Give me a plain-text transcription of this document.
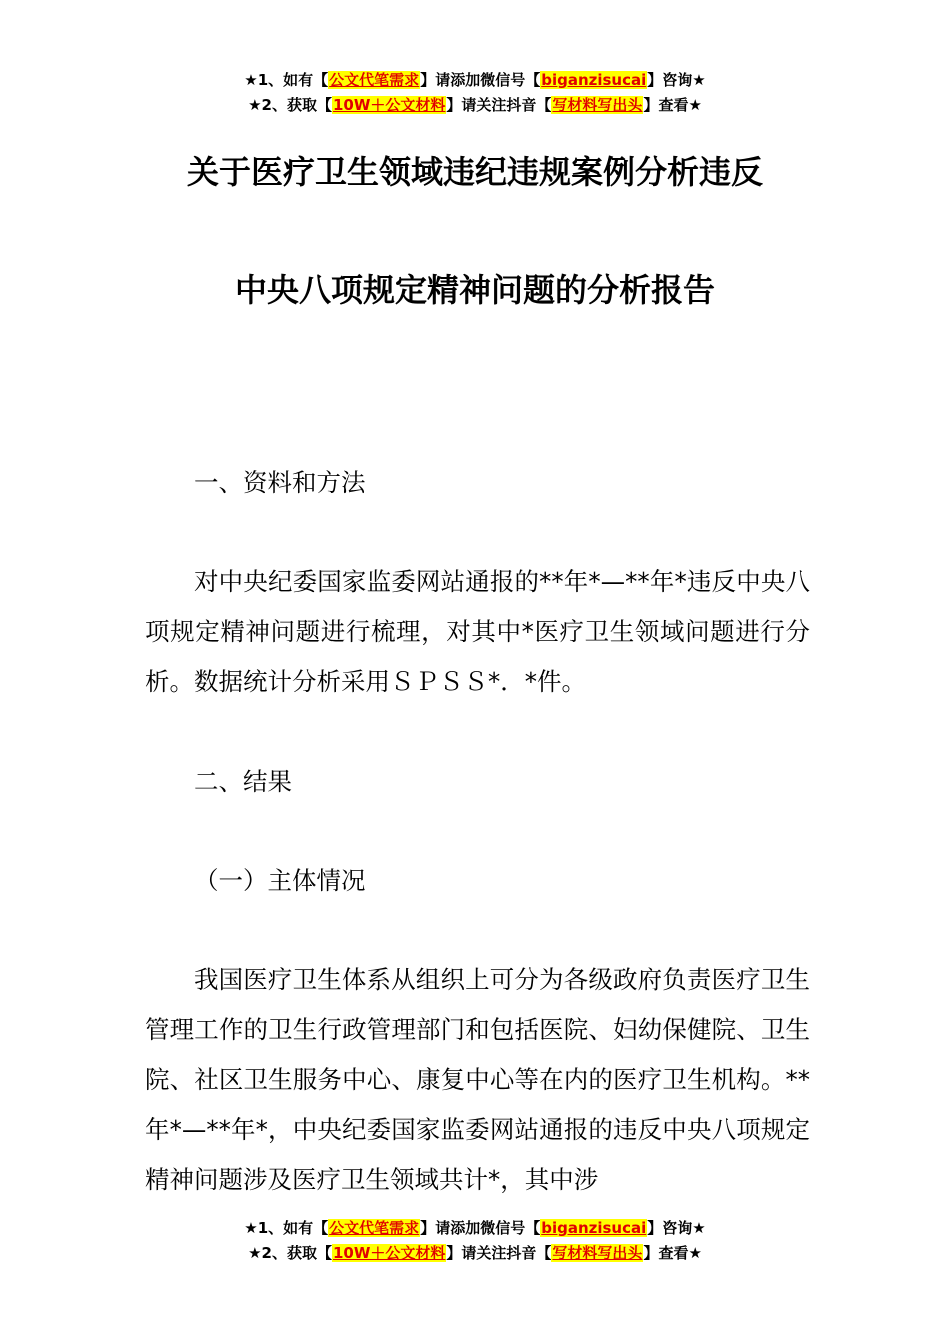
★1、如有【公文代笔需求】请添加微信号【biganzisucai】咨询★
★2、获取【10W＋公文材料】请关注抖音【写材料写出头】查看★
关于医疗卫生领域违纪违规案例分析违反
中央八项规定精神问题的分析报告
一、资料和方法
对中央纪委国家监委网站通报的**年*—**年*违反中央八项规定精神问题进行梳理，对其中*医疗卫生领域问题进行分析。数据统计分析采用ＳＰＳＳ*．*件。
二、结果
（一）主体情况
我国医疗卫生体系从组织上可分为各级政府负责医疗卫生管理工作的卫生行政管理部门和包括医院、妇幼保健院、卫生院、社区卫生服务中心、康复中心等在内的医疗卫生机构。**年*—**年*，中央纪委国家监委网站通报的违反中央八项规定精神问题涉及医疗卫生领域共计*，其中涉
★1、如有【公文代笔需求】请添加微信号【biganzisucai】咨询★
★2、获取【10W＋公文材料】请关注抖音【写材料写出头】查看★
